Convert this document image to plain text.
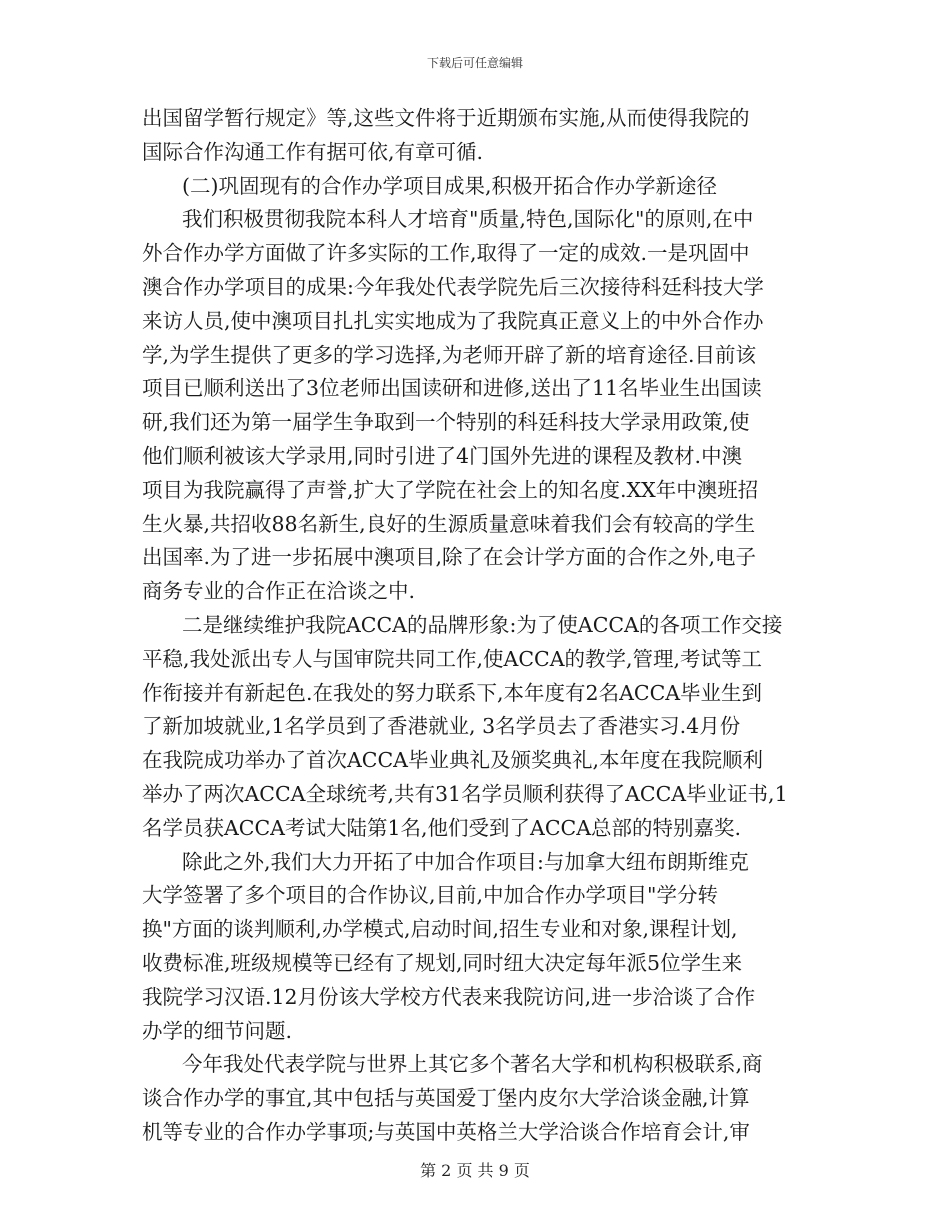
下载后可任意编辑
出国留学暂行规定》等,这些文件将于近期颁布实施,从而使得我院的
国际合作沟通工作有据可依,有章可循.
(二)巩固现有的合作办学项目成果,积极开拓合作办学新途径
我们积极贯彻我院本科人才培育"质量,特色,国际化"的原则,在中
外合作办学方面做了许多实际的工作,取得了一定的成效.一是巩固中
澳合作办学项目的成果:今年我处代表学院先后三次接待科廷科技大学
来访人员,使中澳项目扎扎实实地成为了我院真正意义上的中外合作办
学,为学生提供了更多的学习选择,为老师开辟了新的培育途径.目前该
项目已顺利送出了3位老师出国读研和进修,送出了11名毕业生出国读
研,我们还为第一届学生争取到一个特别的科廷科技大学录用政策,使
他们顺利被该大学录用,同时引进了4门国外先进的课程及教材.中澳
项目为我院赢得了声誉,扩大了学院在社会上的知名度.XX年中澳班招
生火暴,共招收88名新生,良好的生源质量意味着我们会有较高的学生
出国率.为了进一步拓展中澳项目,除了在会计学方面的合作之外,电子
商务专业的合作正在洽谈之中.
二是继续维护我院ACCA的品牌形象:为了使ACCA的各项工作交接
平稳,我处派出专人与国审院共同工作,使ACCA的教学,管理,考试等工
作衔接并有新起色.在我处的努力联系下,本年度有2名ACCA毕业生到
了新加坡就业,1名学员到了香港就业, 3名学员去了香港实习.4月份
在我院成功举办了首次ACCA毕业典礼及颁奖典礼,本年度在我院顺利
举办了两次ACCA全球统考,共有31名学员顺利获得了ACCA毕业证书,1
名学员获ACCA考试大陆第1名,他们受到了ACCA总部的特别嘉奖.
除此之外,我们大力开拓了中加合作项目:与加拿大纽布朗斯维克
大学签署了多个项目的合作协议,目前,中加合作办学项目"学分转
换"方面的谈判顺利,办学模式,启动时间,招生专业和对象,课程计划,
收费标准,班级规模等已经有了规划,同时纽大决定每年派5位学生来
我院学习汉语.12月份该大学校方代表来我院访问,进一步洽谈了合作
办学的细节问题.
今年我处代表学院与世界上其它多个著名大学和机构积极联系,商
谈合作办学的事宜,其中包括与英国爱丁堡内皮尔大学洽谈金融,计算
机等专业的合作办学事项;与英国中英格兰大学洽谈合作培育会计,审
第 2 页 共 9 页
